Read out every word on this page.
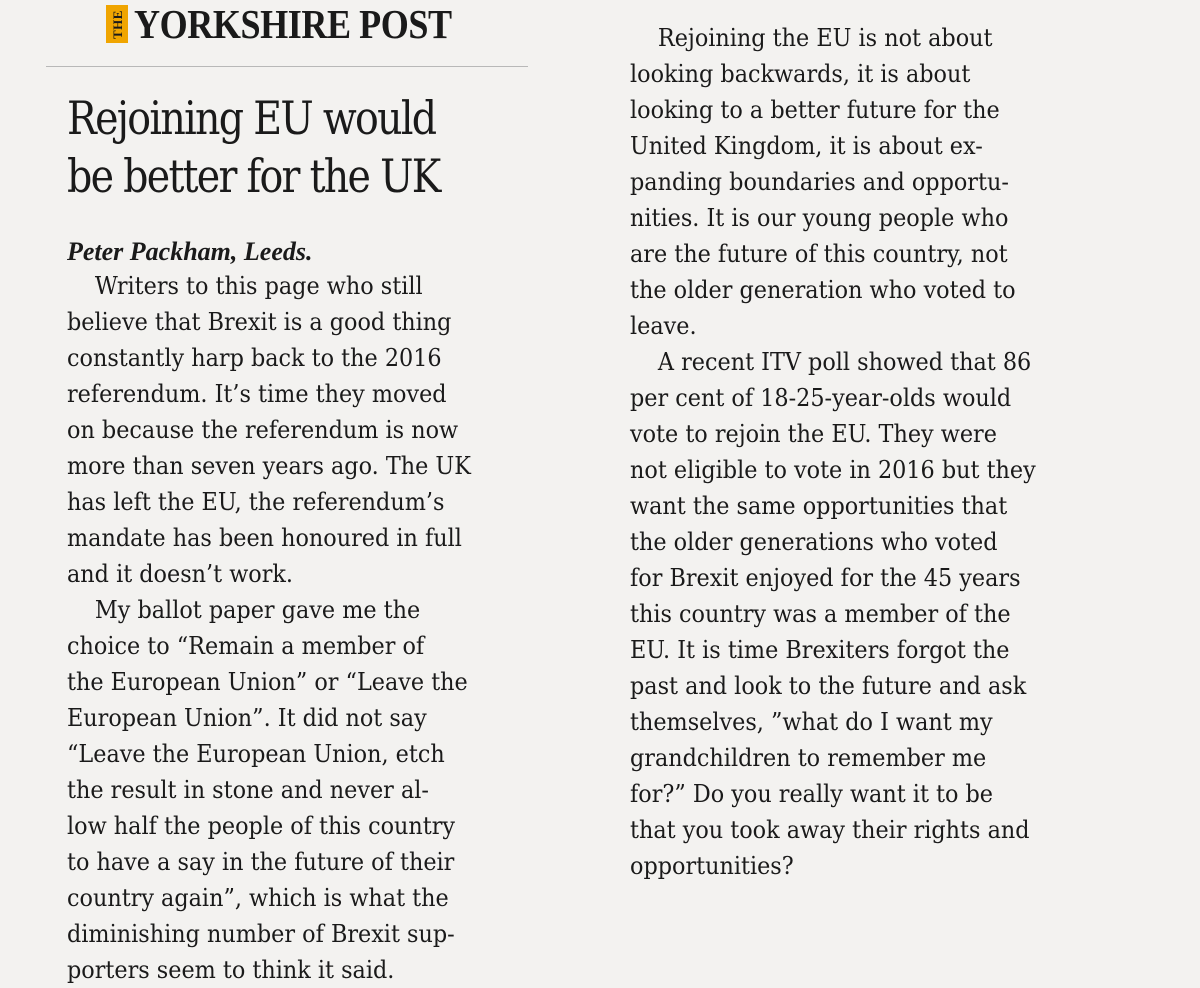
THE YORKSHIRE POST
Rejoining EU would
be better for the UK
Peter Packham, Leeds.
Writers to this page who still
believe that Brexit is a good thing
constantly harp back to the 2016
referendum. It’s time they moved
on because the referendum is now
more than seven years ago. The UK
has left the EU, the referendum’s
mandate has been honoured in full
and it doesn’t work.
My ballot paper gave me the
choice to “Remain a member of
the European Union” or “Leave the
European Union”. It did not say
“Leave the European Union, etch
the result in stone and never al-
low half the people of this country
to have a say in the future of their
country again”, which is what the
diminishing number of Brexit sup-
porters seem to think it said.
Rejoining the EU is not about
looking backwards, it is about
looking to a better future for the
United Kingdom, it is about ex-
panding boundaries and opportu-
nities. It is our young people who
are the future of this country, not
the older generation who voted to
leave.
A recent ITV poll showed that 86
per cent of 18-25-year-olds would
vote to rejoin the EU. They were
not eligible to vote in 2016 but they
want the same opportunities that
the older generations who voted
for Brexit enjoyed for the 45 years
this country was a member of the
EU. It is time Brexiters forgot the
past and look to the future and ask
themselves, ”what do I want my
grandchildren to remember me
for?” Do you really want it to be
that you took away their rights and
opportunities?
